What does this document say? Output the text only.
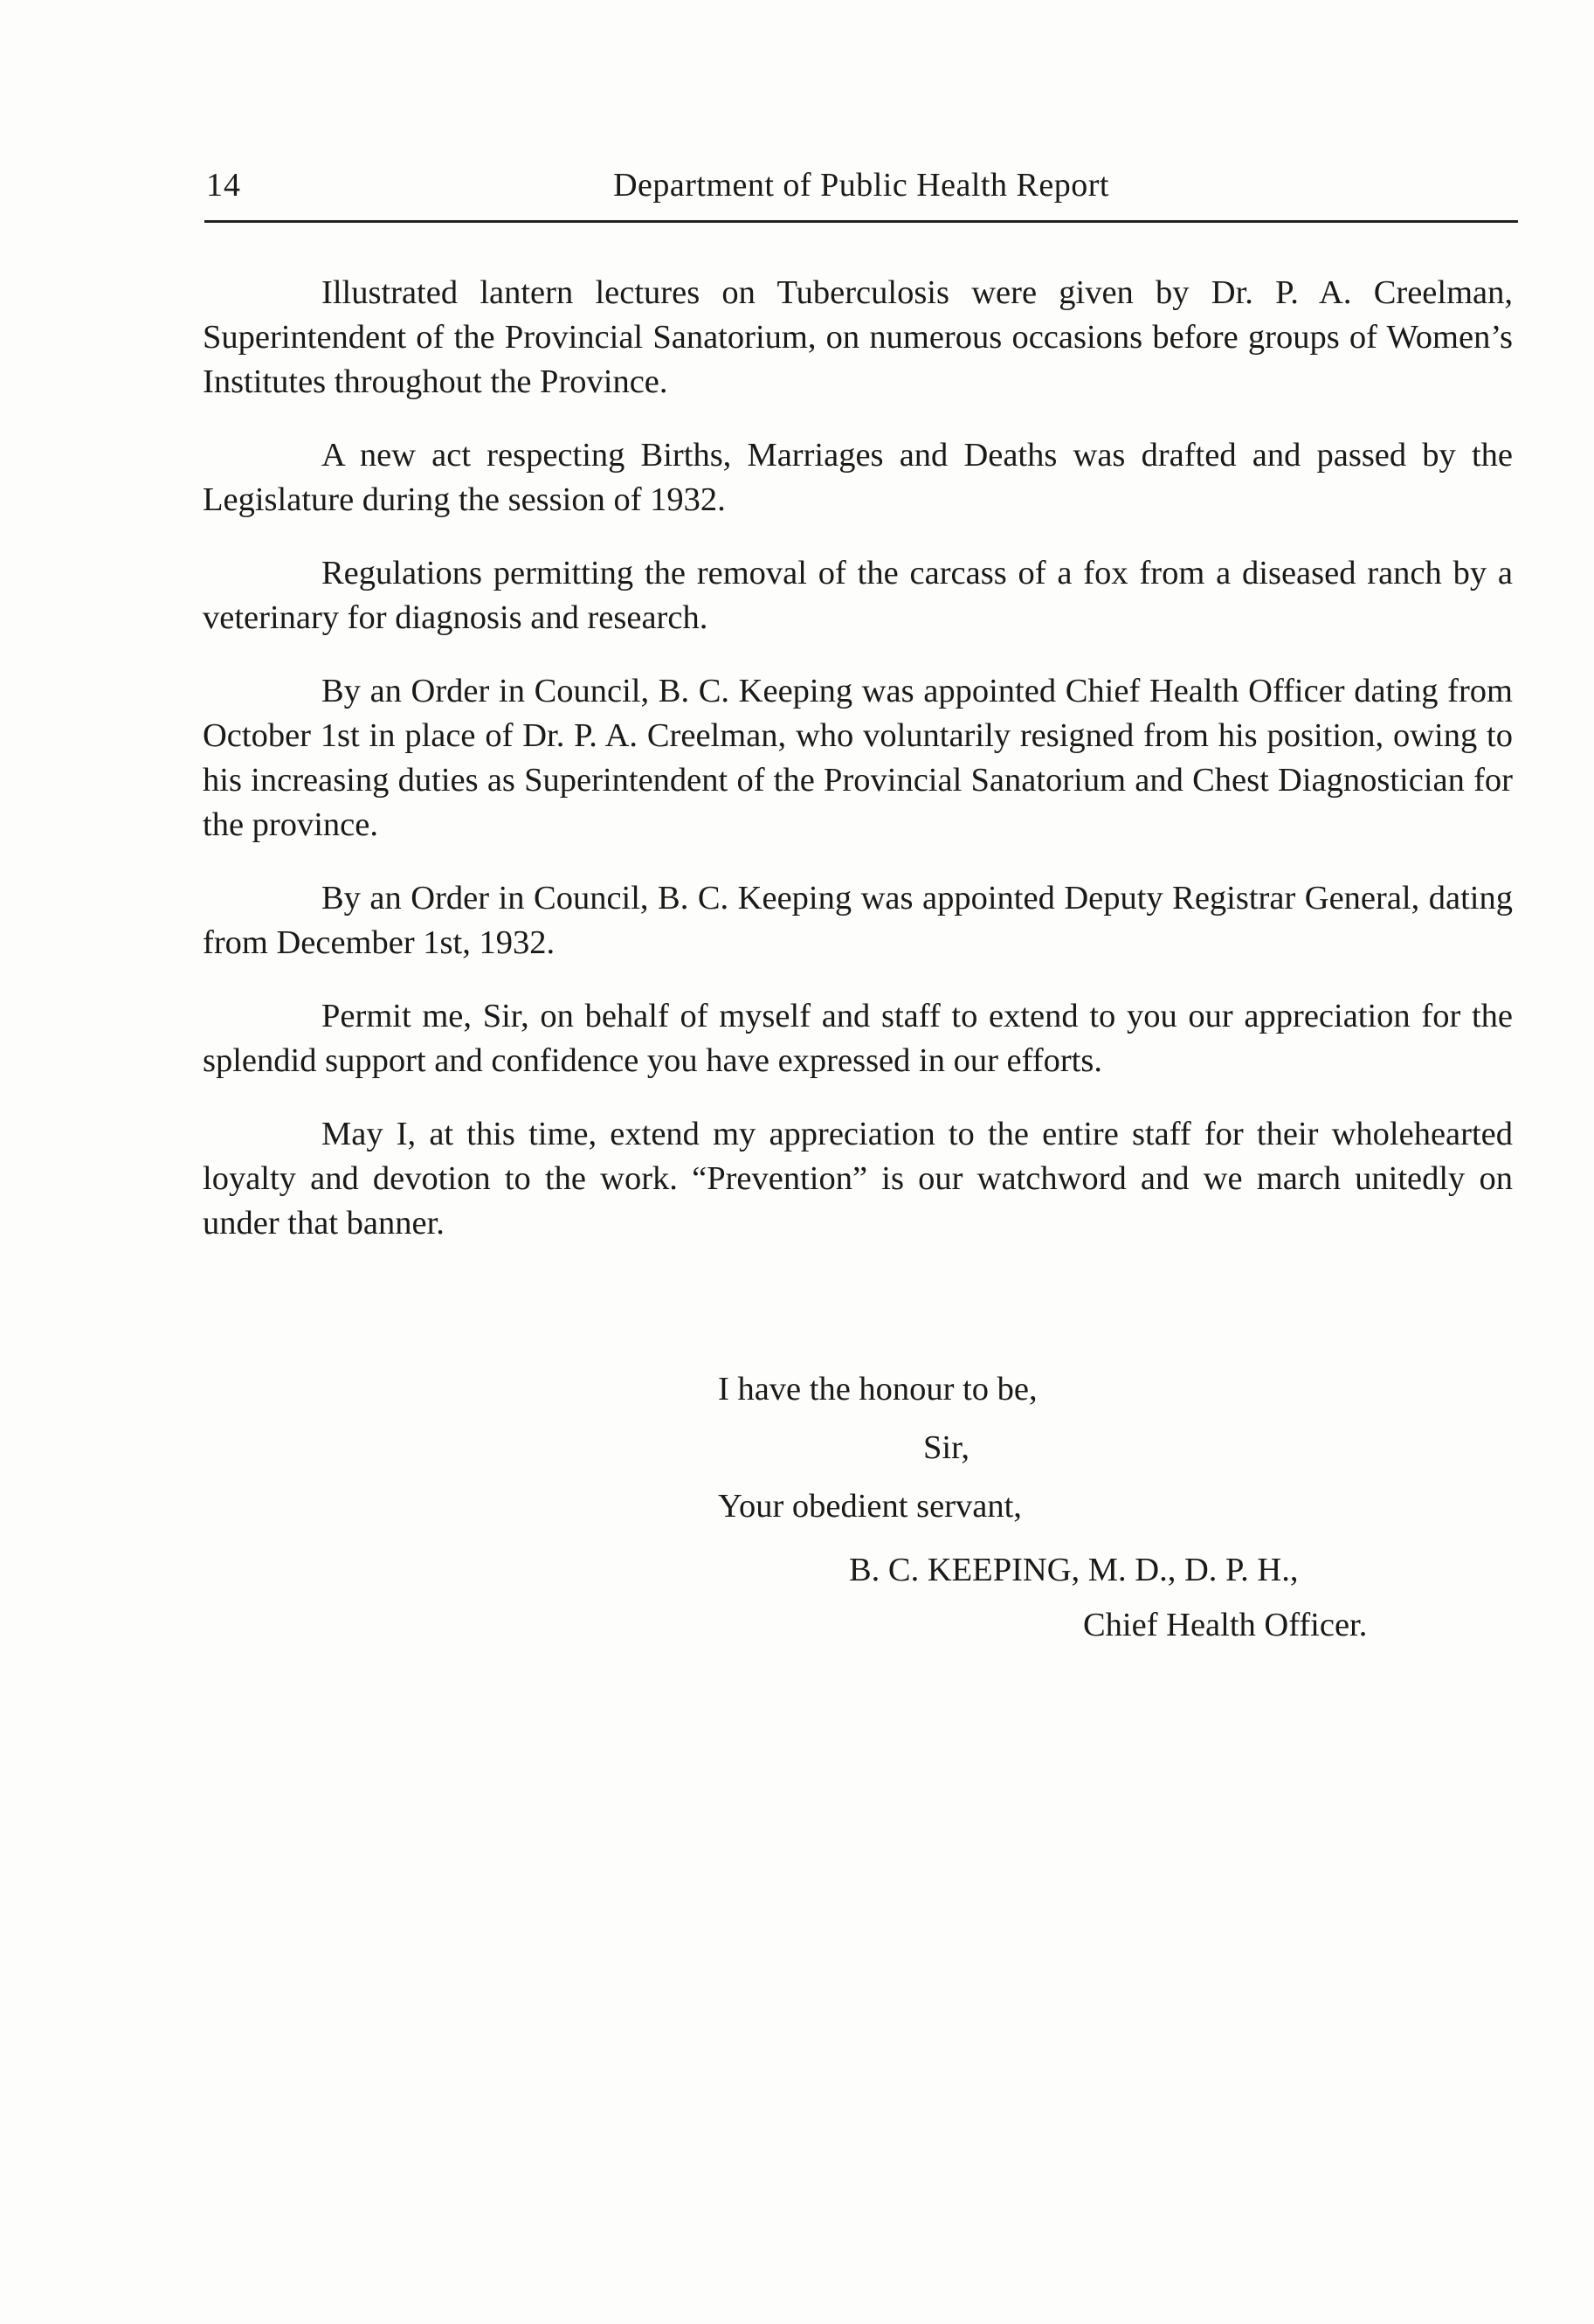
14	Department of Public Health Report

Illustrated lantern lectures on Tuberculosis were given by Dr. P. A. Creelman, Superintendent of the Provincial Sanatorium, on numerous occasions before groups of Women’s Institutes throughout the Province.

A new act respecting Births, Marriages and Deaths was drafted and passed by the Legislature during the session of 1932.

Regulations permitting the removal of the carcass of a fox from a diseased ranch by a veterinary for diagnosis and research.

By an Order in Council, B. C. Keeping was appointed Chief Health Officer dating from October 1st in place of Dr. P. A. Creelman, who voluntarily resigned from his position, owing to his increasing duties as Superintendent of the Provincial Sanatorium and Chest Diagnostician for the province.

By an Order in Council, B. C. Keeping was appointed Deputy Registrar General, dating from December 1st, 1932.

Permit me, Sir, on behalf of myself and staff to extend to you our appreciation for the splendid support and confidence you have expressed in our efforts.

May I, at this time, extend my appreciation to the entire staff for their wholehearted loyalty and devotion to the work. “Prevention” is our watchword and we march unitedly on under that banner.

I have the honour to be,
Sir,
Your obedient servant,
B. C. KEEPING, M. D., D. P. H.,
Chief Health Officer.
